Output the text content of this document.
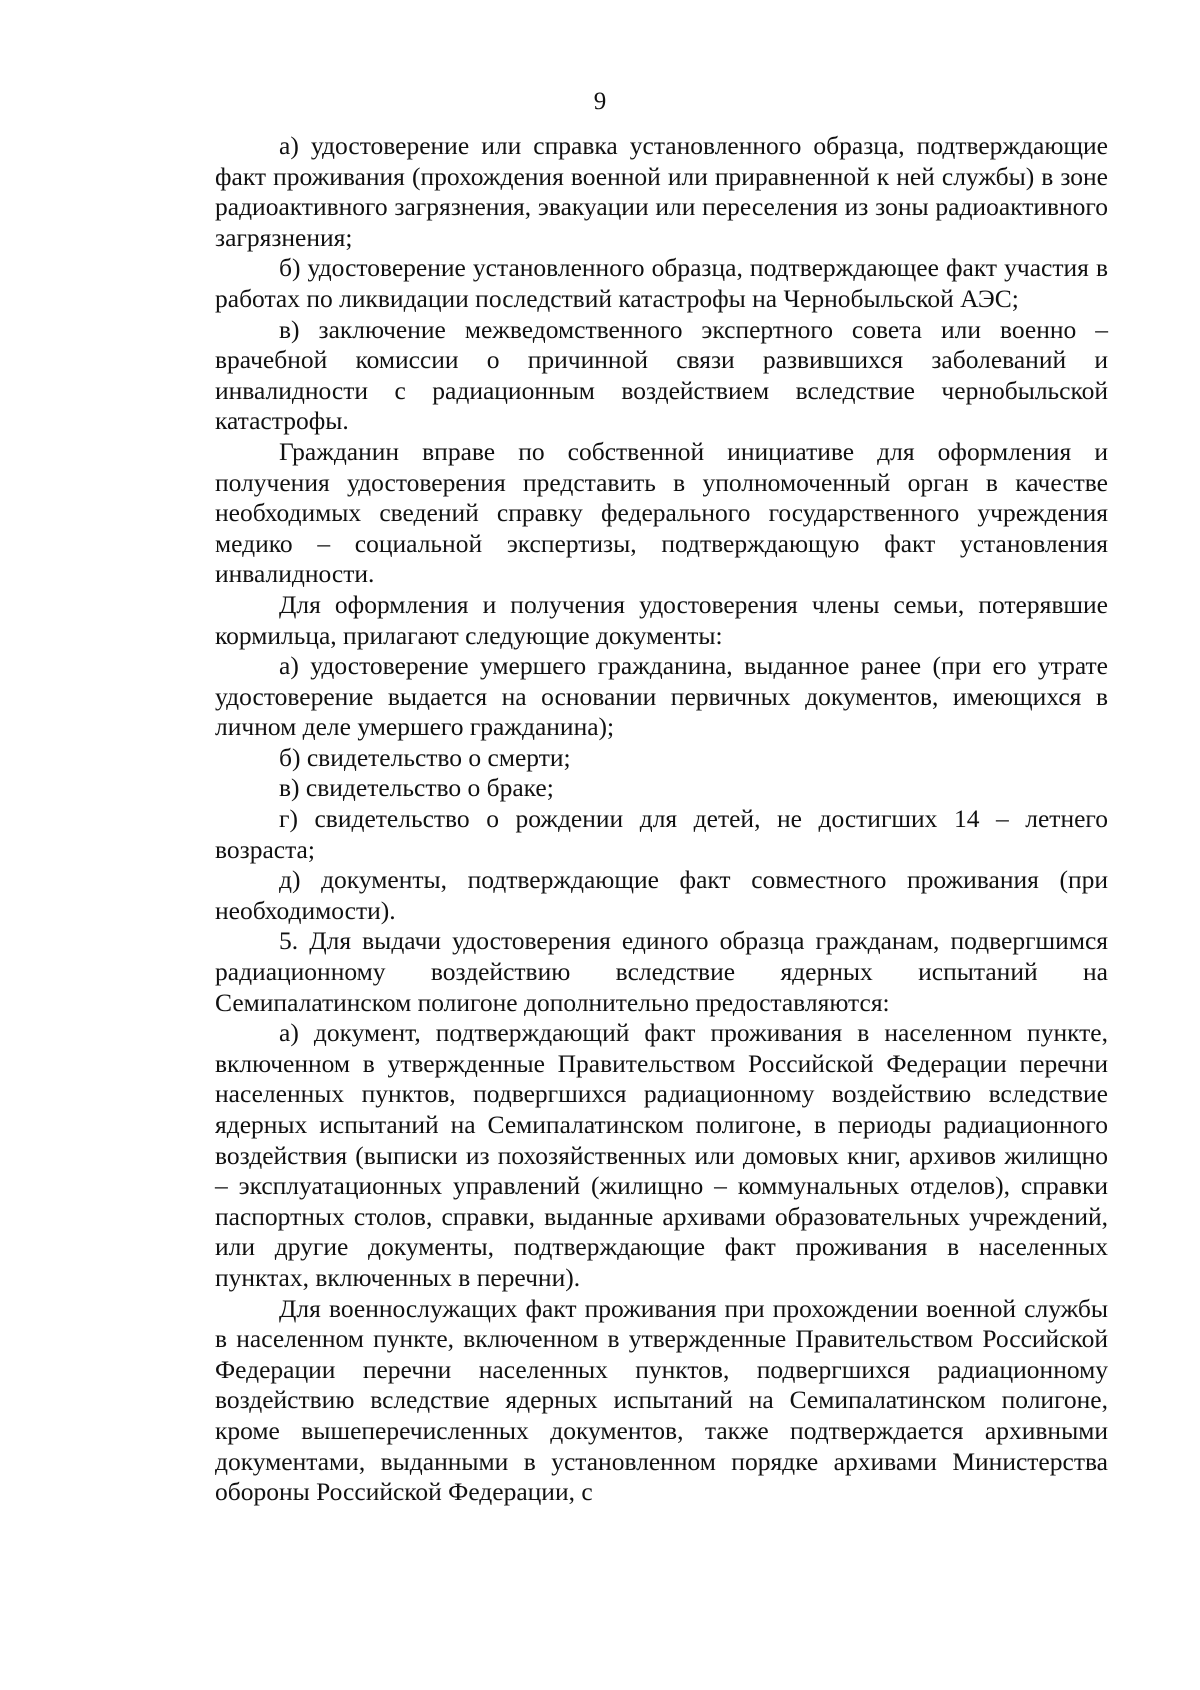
9

а) удостоверение или справка установленного образца, подтверждающие факт проживания (прохождения военной или приравненной к ней службы) в зоне радиоактивного загрязнения, эвакуации или переселения из зоны радиоактивного загрязнения;

б) удостоверение установленного образца, подтверждающее факт участия в работах по ликвидации последствий катастрофы на Чернобыльской АЭС;

в) заключение межведомственного экспертного совета или военно – врачебной комиссии о причинной связи развившихся заболеваний и инвалидности с радиационным воздействием вследствие чернобыльской катастрофы.

Гражданин вправе по собственной инициативе для оформления и получения удостоверения представить в уполномоченный орган в качестве необходимых сведений справку федерального государственного учреждения медико – социальной экспертизы, подтверждающую факт установления инвалидности.

Для оформления и получения удостоверения члены семьи, потерявшие кормильца, прилагают следующие документы:

а) удостоверение умершего гражданина, выданное ранее (при его утрате удостоверение выдается на основании первичных документов, имеющихся в личном деле умершего гражданина);

б) свидетельство о смерти;

в) свидетельство о браке;

г) свидетельство о рождении для детей, не достигших 14 – летнего возраста;

д) документы, подтверждающие факт совместного проживания (при необходимости).

5. Для выдачи удостоверения единого образца гражданам, подвергшимся радиационному воздействию вследствие ядерных испытаний на Семипалатинском полигоне дополнительно предоставляются:

а) документ, подтверждающий факт проживания в населенном пункте, включенном в утвержденные Правительством Российской Федерации перечни населенных пунктов, подвергшихся радиационному воздействию вследствие ядерных испытаний на Семипалатинском полигоне, в периоды радиационного воздействия (выписки из похозяйственных или домовых книг, архивов жилищно – эксплуатационных управлений (жилищно – коммунальных отделов), справки паспортных столов, справки, выданные архивами образовательных учреждений, или другие документы, подтверждающие факт проживания в населенных пунктах, включенных в перечни).

Для военнослужащих факт проживания при прохождении военной службы в населенном пункте, включенном в утвержденные Правительством Российской Федерации перечни населенных пунктов, подвергшихся радиационному воздействию вследствие ядерных испытаний на Семипалатинском полигоне, кроме вышеперечисленных документов, также подтверждается архивными документами, выданными в установленном порядке архивами Министерства обороны Российской Федерации, с
